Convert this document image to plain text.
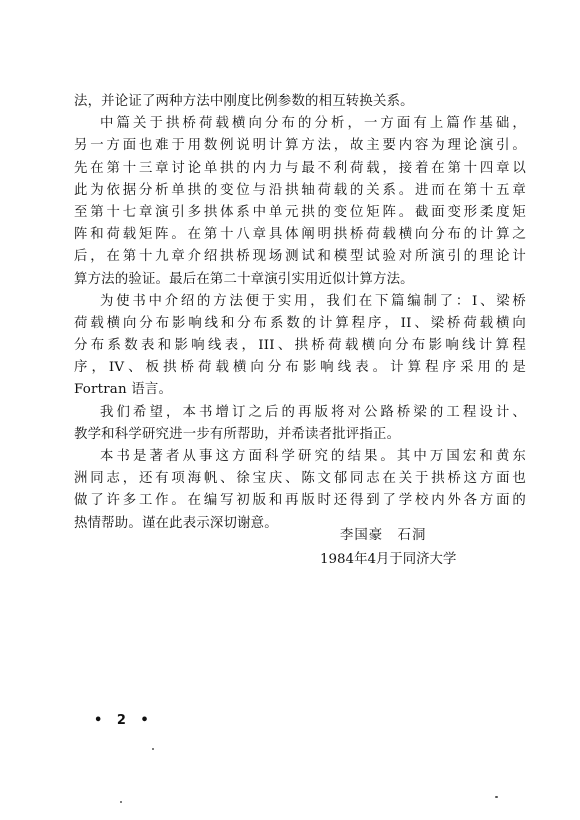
法，并论证了两种方法中刚度比例参数的相互转换关系。
中篇关于拱桥荷载横向分布的分析，一方面有上篇作基础，
另一方面也难于用数例说明计算方法，故主要内容为理论演引。
先在第十三章讨论单拱的内力与最不利荷载，接着在第十四章以
此为依据分析单拱的变位与沿拱轴荷载的关系。进而在第十五章
至第十七章演引多拱体系中单元拱的变位矩阵。截面变形柔度矩
阵和荷载矩阵。在第十八章具体阐明拱桥荷载横向分布的计算之
后，在第十九章介绍拱桥现场测试和模型试验对所演引的理论计
算方法的验证。最后在第二十章演引实用近似计算方法。
为使书中介绍的方法便于实用，我们在下篇编制了：I、梁桥
荷载横向分布影响线和分布系数的计算程序，II、梁桥荷载横向
分布系数表和影响线表，III、拱桥荷载横向分布影响线计算程
序，IV、板拱桥荷载横向分布影响线表。计算程序采用的是
Fortran 语言。
我们希望，本书增订之后的再版将对公路桥梁的工程设计、
教学和科学研究进一步有所帮助，并希读者批评指正。
本书是著者从事这方面科学研究的结果。其中万国宏和黄东
洲同志，还有项海帆、徐宝庆、陈文郁同志在关于拱桥这方面也
做了许多工作。在编写初版和再版时还得到了学校内外各方面的
热情帮助。谨在此表示深切谢意。
李国豪　石洞
1984年4月于同济大学
• 2 •
